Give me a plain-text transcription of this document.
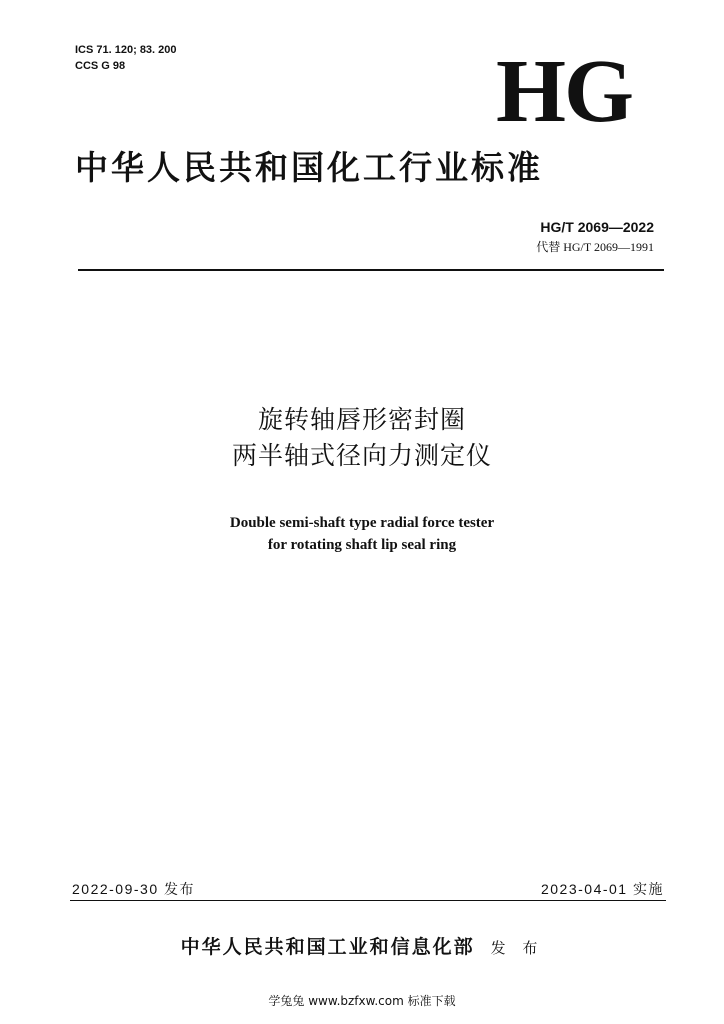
ICS 71. 120; 83. 200
CCS G 98	HG
中华人民共和国化工行业标准
HG/T 2069—2022
代替 HG/T 2069—1991
旋转轴唇形密封圈
两半轴式径向力测定仪
Double semi-shaft type radial force tester
for rotating shaft lip seal ring
2022-09-30 发布	2023-04-01 实施
中华人民共和国工业和信息化部 发 布
学兔兔 www.bzfxw.com 标准下载
